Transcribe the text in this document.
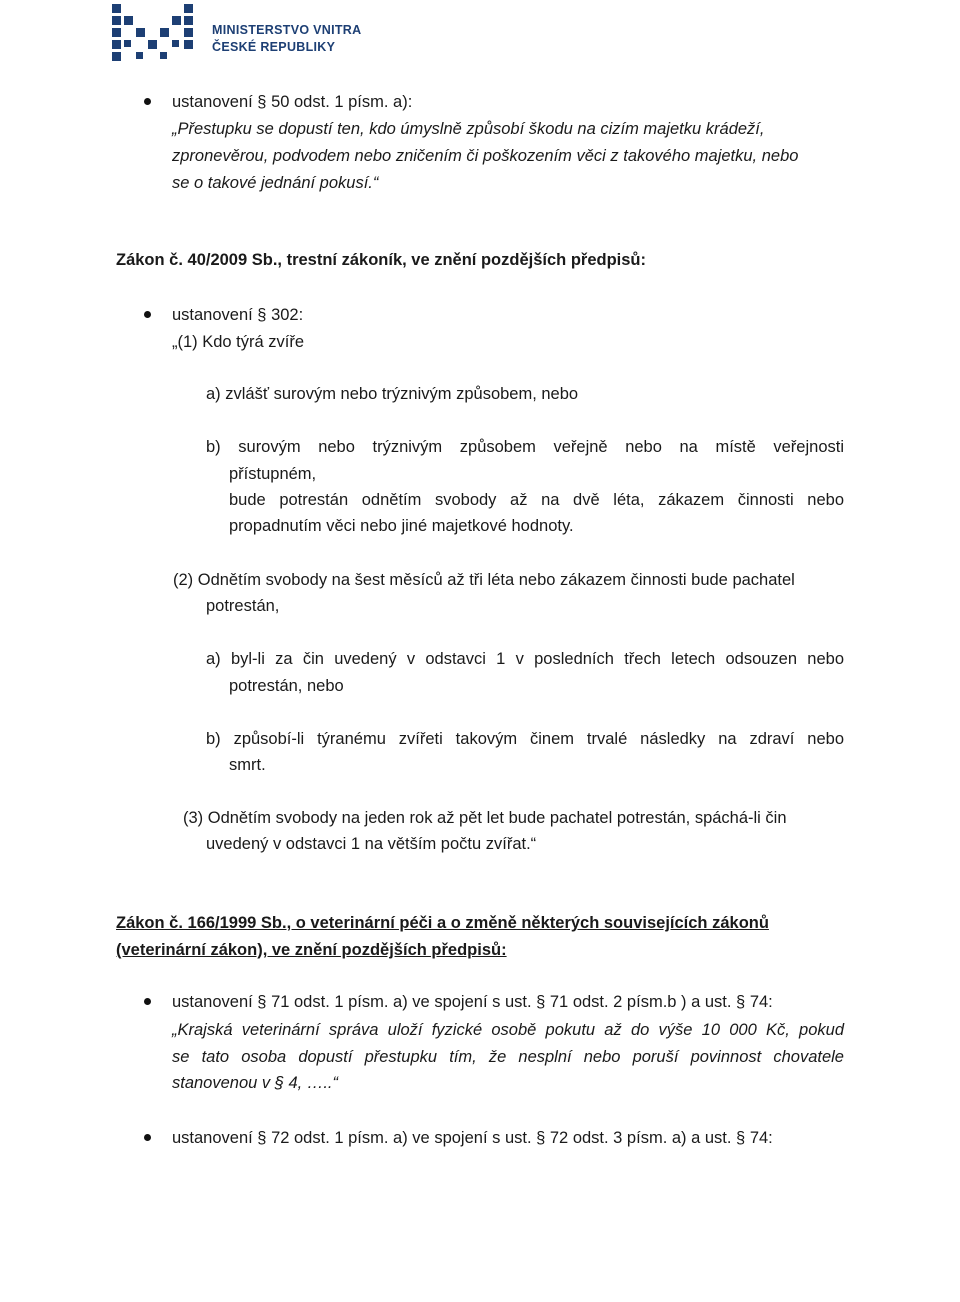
MINISTERSTVO VNITRA
ČESKÉ REPUBLIKY
ustanovení § 50 odst. 1 písm. a):
„Přestupku se dopustí ten, kdo úmyslně způsobí škodu na cizím majetku krádeží,
zpronevěrou, podvodem nebo zničením či poškozením věci z takového majetku, nebo
se o takové jednání pokusí.“
Zákon č. 40/2009 Sb., trestní zákoník, ve znění pozdějších předpisů:
ustanovení § 302:
„(1) Kdo týrá zvíře
a) zvlášť surovým nebo trýznivým způsobem, nebo
b) surovým nebo trýznivým způsobem veřejně nebo na místě veřejnosti
přístupném,
bude potrestán odnětím svobody až na dvě léta, zákazem činnosti nebo
propadnutím věci nebo jiné majetkové hodnoty.
(2) Odnětím svobody na šest měsíců až tři léta nebo zákazem činnosti bude pachatel
potrestán,
a) byl-li za čin uvedený v odstavci 1 v posledních třech letech odsouzen nebo
potrestán, nebo
b) způsobí-li týranému zvířeti takovým činem trvalé následky na zdraví nebo
smrt.
(3) Odnětím svobody na jeden rok až pět let bude pachatel potrestán, spáchá-li čin
uvedený v odstavci 1 na větším počtu zvířat.“
Zákon č. 166/1999 Sb., o veterinární péči a o změně některých souvisejících zákonů
(veterinární zákon), ve znění pozdějších předpisů:
ustanovení § 71 odst. 1 písm. a) ve spojení s ust. § 71 odst. 2 písm.b ) a ust. § 74:
„Krajská veterinární správa uloží fyzické osobě pokutu až do výše 10 000 Kč, pokud
se tato osoba dopustí přestupku tím, že nesplní nebo poruší povinnost chovatele
stanovenou v § 4, …..“
ustanovení § 72 odst. 1 písm. a) ve spojení s ust. § 72 odst. 3 písm. a) a ust. § 74:
